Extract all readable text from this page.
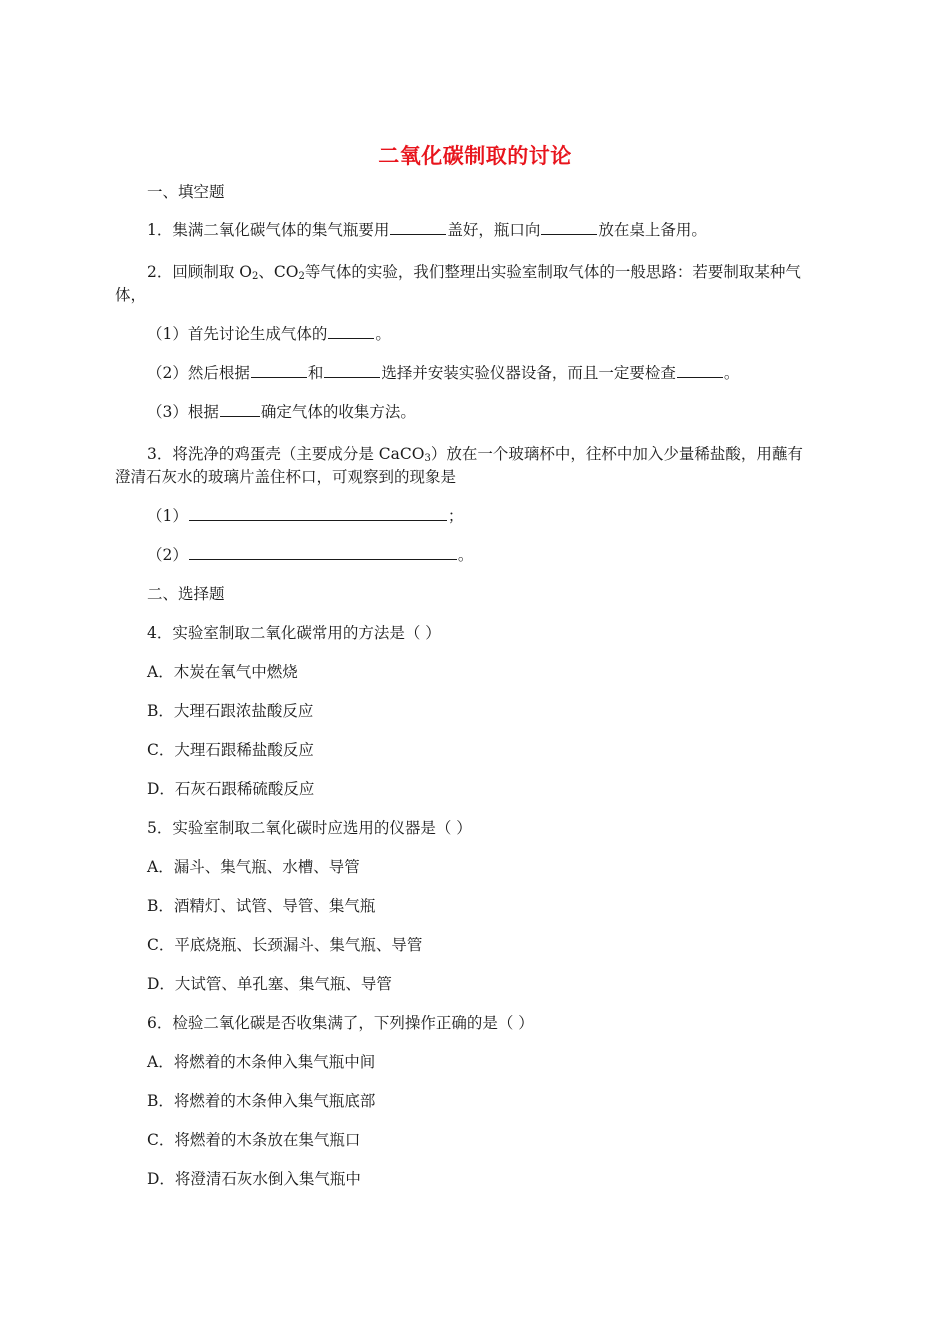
二氧化碳制取的讨论
一、填空题
1．集满二氧化碳气体的集气瓶要用	盖好，瓶口向	放在桌上备用。
2．回顾制取 $O_2$、$CO_2$等气体的实验，我们整理出实验室制取气体的一般思路：若要制取某种气
体，
（1）首先讨论生成气体的	。
（2）然后根据	和	选择并安装实验仪器设备，而且一定要检查	。
（3）根据	确定气体的收集方法。
3．将洗净的鸡蛋壳（主要成分是 CaCO$_3$）放在一个玻璃杯中，往杯中加入少量稀盐酸，用蘸有
澄清石灰水的玻璃片盖住杯口，可观察到的现象是
（1）	；
（2）	。
二、选择题
4．实验室制取二氧化碳常用的方法是（ ）
A．木炭在氧气中燃烧
B．大理石跟浓盐酸反应
C．大理石跟稀盐酸反应
D．石灰石跟稀硫酸反应
5．实验室制取二氧化碳时应选用的仪器是（ ）
A．漏斗、集气瓶、水槽、导管
B．酒精灯、试管、导管、集气瓶
C．平底烧瓶、长颈漏斗、集气瓶、导管
D．大试管、单孔塞、集气瓶、导管
6．检验二氧化碳是否收集满了，下列操作正确的是（ ）
A．将燃着的木条伸入集气瓶中间
B．将燃着的木条伸入集气瓶底部
C．将燃着的木条放在集气瓶口
D．将澄清石灰水倒入集气瓶中
